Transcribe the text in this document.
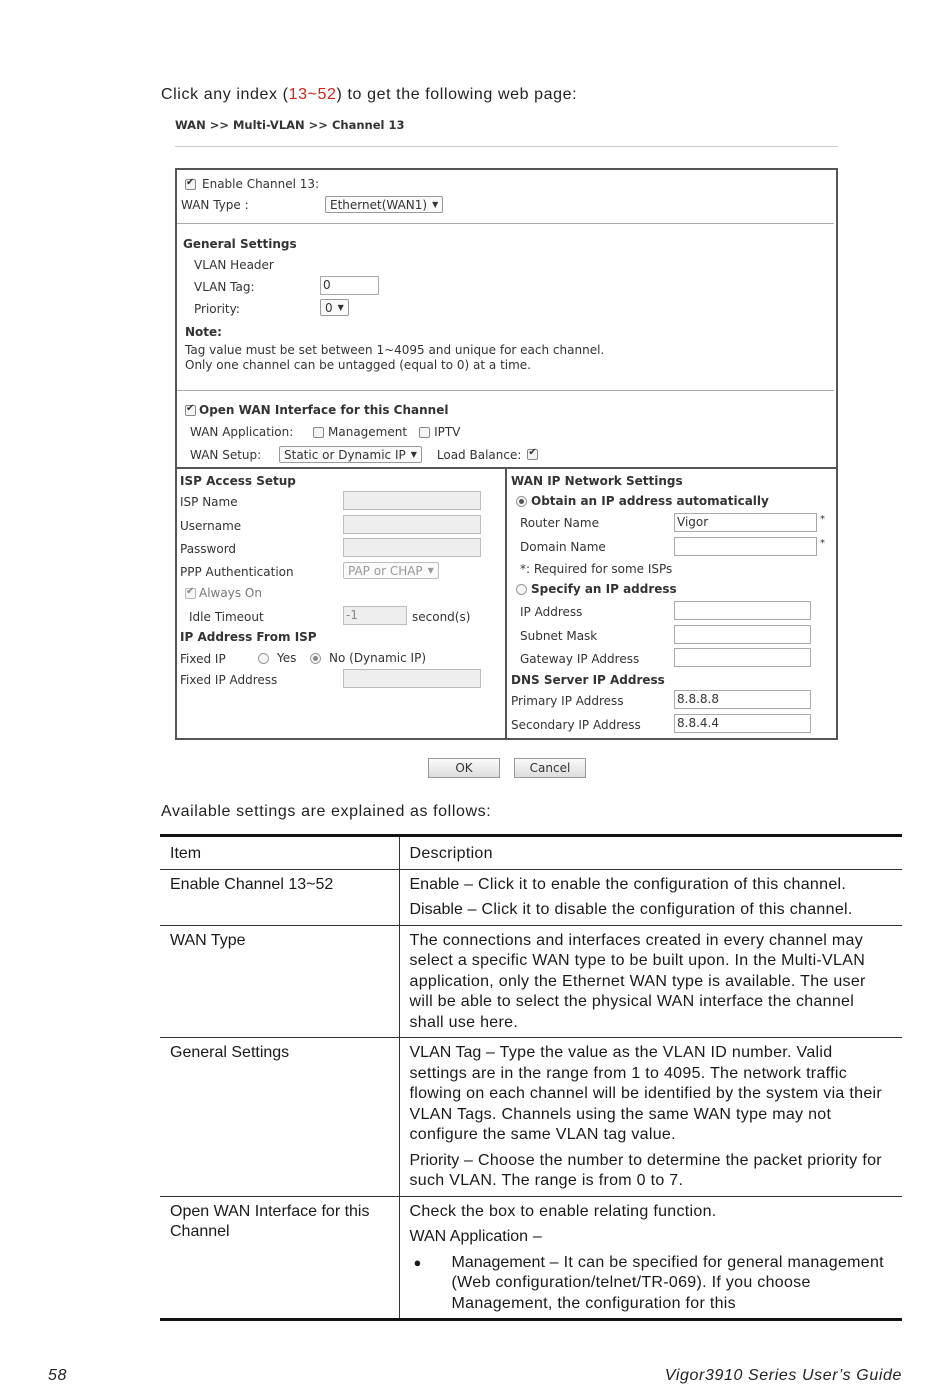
Click any index (13~52) to get the following web page:
WAN >> Multi-VLAN >> Channel 13
✔
Enable Channel 13:
WAN Type :	Ethernet(WAN1) ▼
General Settings
VLAN Header
VLAN Tag:	0
Priority:	0 ▼
Note:
Tag value must be set between 1~4095 and unique for each channel.
Only one channel can be untagged (equal to 0) at a time.
✔
Open WAN Interface for this Channel
WAN Application:	Management IPTV
WAN Setup:	Static or Dynamic IP ▼ Load Balance:
✔
ISP Access Setup
ISP Name
Username
Password
PPP Authentication	PAP or CHAP ▼
✔
Always On
Idle Timeout	-1	second(s)
IP Address From ISP
Fixed IP	Yes	No (Dynamic IP)
Fixed IP Address
WAN IP Network Settings
Obtain an IP address automatically
Router Name	Vigor	*
Domain Name	*
*: Required for some ISPs
Specify an IP address
IP Address
Subnet Mask
Gateway IP Address
DNS Server IP Address
Primary IP Address	8.8.8.8
Secondary IP Address	8.8.4.4
OK	Cancel
Available settings are explained as follows:
Item	Description
Enable Channel 13~52	Enable – Click it to enable the configuration of this channel.
Disable – Click it to disable the configuration of this channel.

WAN Type	The connections and interfaces created in every channel may select a specific WAN type to be built upon. In the Multi-VLAN application, only the Ethernet WAN type is available. The user will be able to select the physical WAN interface the channel shall use here.
General Settings	VLAN Tag – Type the value as the VLAN ID number. Valid settings are in the range from 1 to 4095. The network traffic flowing on each channel will be identified by the system via their VLAN Tags. Channels using the same WAN type may not configure the same VLAN tag value.
Priority – Choose the number to determine the packet priority for such VLAN. The range is from 0 to 7.

Open WAN Interface for this Channel	Check the box to enable relating function.
WAN Application –
● Management – It can be specified for general management (Web configuration/telnet/TR-069). If you choose Management, the configuration for this
58	Vigor3910 Series User’s Guide
